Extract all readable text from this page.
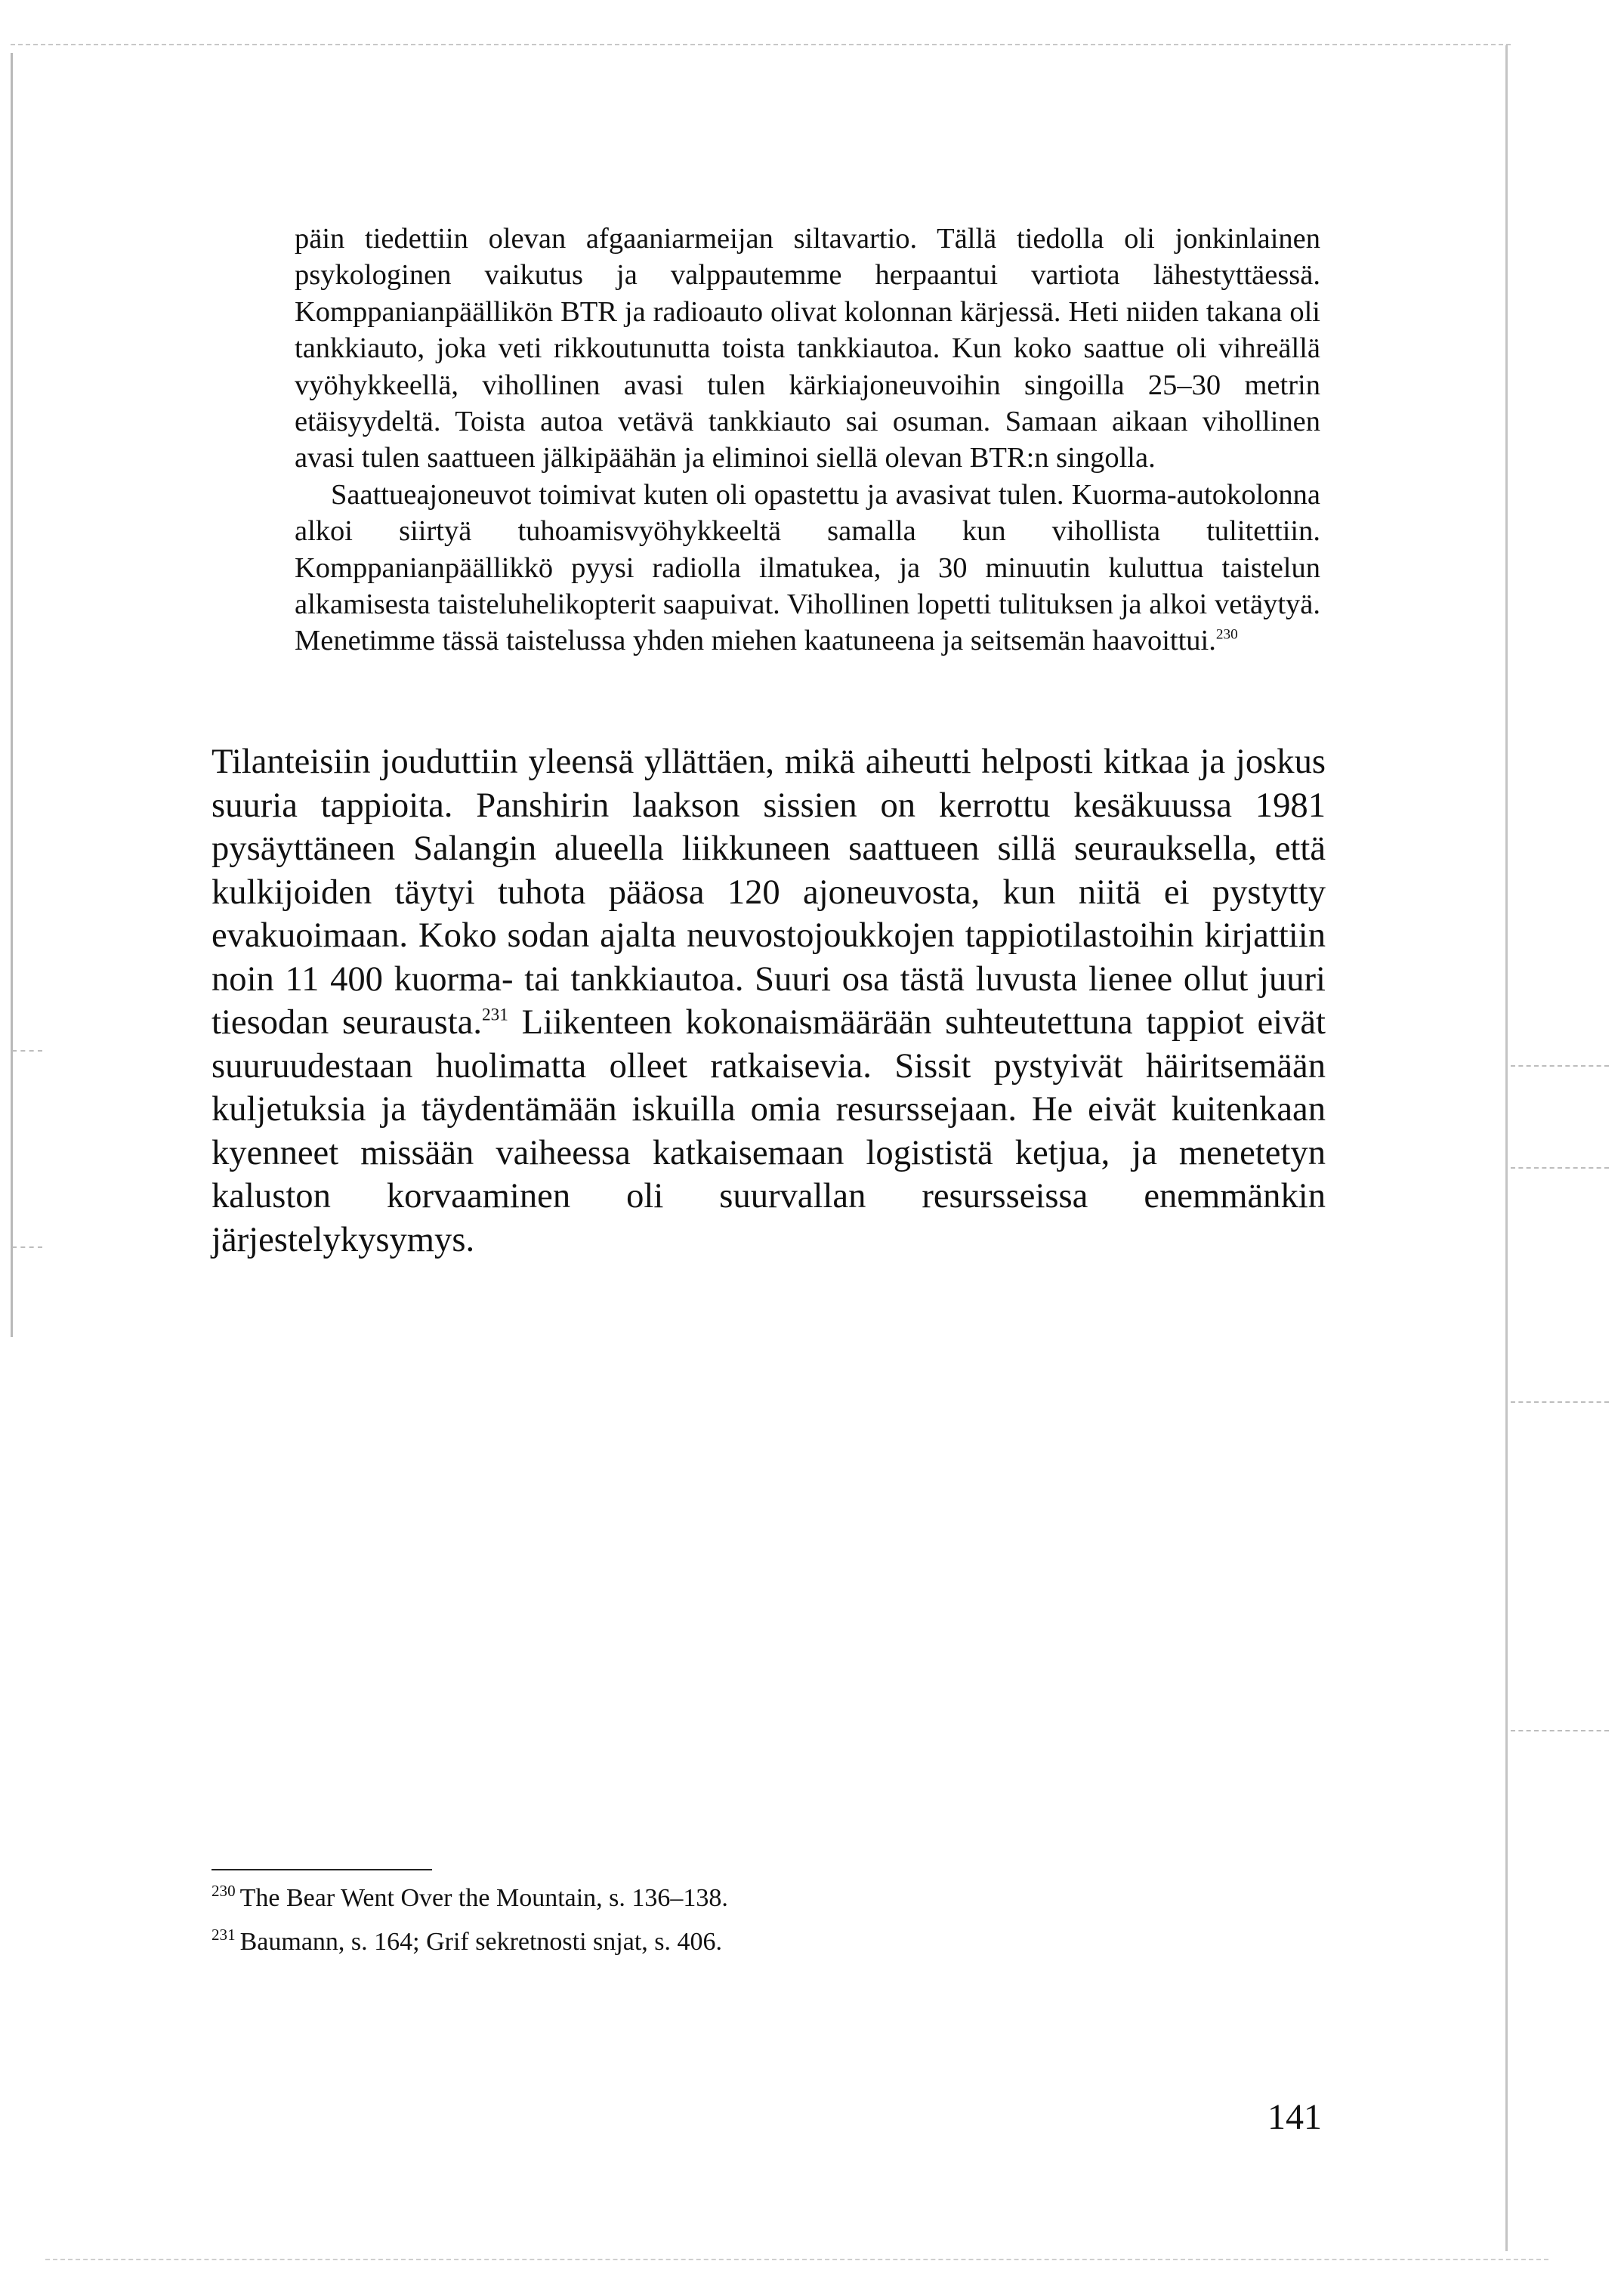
päin tiedettiin olevan afgaaniarmeijan siltavartio. Tällä tiedolla oli jonkinlainen psykologinen vaikutus ja valppautemme herpaantui vartiota lähestyttäessä. Komppanianpäällikön BTR ja radioauto olivat kolonnan kärjessä. Heti niiden takana oli tankkiauto, joka veti rikkoutunutta toista tankkiautoa. Kun koko saattue oli vihreällä vyöhykkeellä, vihollinen avasi tulen kärkiajoneuvoihin singoilla 25–30 metrin etäisyydeltä. Toista autoa vetävä tankkiauto sai osuman. Samaan aikaan vihollinen avasi tulen saattueen jälkipäähän ja eliminoi siellä olevan BTR:n singolla.

Saattueajoneuvot toimivat kuten oli opastettu ja avasivat tulen. Kuorma-autokolonna alkoi siirtyä tuhoamisvyöhykkeeltä samalla kun vihollista tulitettiin. Komppanianpäällikkö pyysi radiolla ilmatukea, ja 30 minuutin kuluttua taistelun alkamisesta taisteluhelikopterit saapuivat. Vihollinen lopetti tulituksen ja alkoi vetäytyä. Menetimme tässä taistelussa yhden miehen kaatuneena ja seitsemän haavoittui.$^{230}$

Tilanteisiin jouduttiin yleensä yllättäen, mikä aiheutti helposti kitkaa ja joskus suuria tappioita. Panshirin laakson sissien on kerrottu kesäkuussa 1981 pysäyttäneen Salangin alueella liikkuneen saattueen sillä seurauksella, että kulkijoiden täytyi tuhota pääosa 120 ajoneuvosta, kun niitä ei pystytty evakuoimaan. Koko sodan ajalta neuvostojoukkojen tappiotilastoihin kirjattiin noin 11 400 kuorma- tai tankkiautoa. Suuri osa tästä luvusta lienee ollut juuri tiesodan seurausta.$^{231}$ Liikenteen kokonaismäärään suhteutettuna tappiot eivät suuruudestaan huolimatta olleet ratkaisevia. Sissit pystyivät häiritsemään kuljetuksia ja täydentämään iskuilla omia resurssejaan. He eivät kuitenkaan kyenneet missään vaiheessa katkaisemaan logististä ketjua, ja menetetyn kaluston korvaaminen oli suurvallan resursseissa enemmänkin järjestelykysymys.

$^{230}$ The Bear Went Over the Mountain, s. 136–138.

$^{231}$ Baumann, s. 164; Grif sekretnosti snjat, s. 406.

141
